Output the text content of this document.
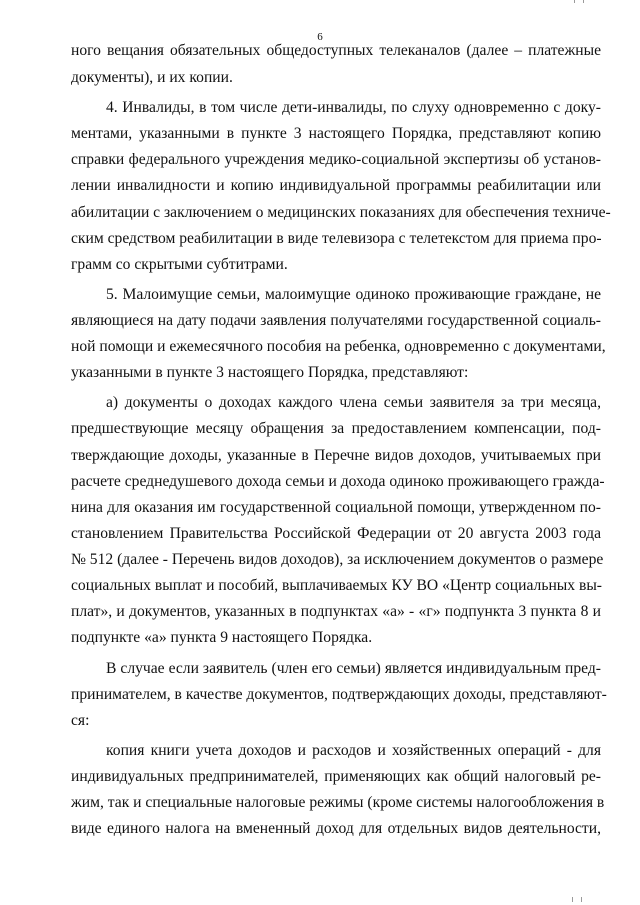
6
ного вещания обязательных общедоступных телеканалов (далее – платежные
документы), и их копии.
4. Инвалиды, в том числе дети-инвалиды, по слуху одновременно с доку-
ментами, указанными в пункте 3 настоящего Порядка, представляют копию
справки федерального учреждения медико-социальной экспертизы об установ-
лении инвалидности и копию индивидуальной программы реабилитации или
абилитации с заключением о медицинских показаниях для обеспечения техниче-
ским средством реабилитации в виде телевизора с телетекстом для приема про-
грамм со скрытыми субтитрами.
5. Малоимущие семьи, малоимущие одиноко проживающие граждане, не
являющиеся на дату подачи заявления получателями государственной социаль-
ной помощи и ежемесячного пособия на ребенка, одновременно с документами,
указанными в пункте 3 настоящего Порядка, представляют:
а) документы о доходах каждого члена семьи заявителя за три месяца,
предшествующие месяцу обращения за предоставлением компенсации, под-
тверждающие доходы, указанные в Перечне видов доходов, учитываемых при
расчете среднедушевого дохода семьи и дохода одиноко проживающего гражда-
нина для оказания им государственной социальной помощи, утвержденном по-
становлением Правительства Российской Федерации от 20 августа 2003 года
№ 512 (далее - Перечень видов доходов), за исключением документов о размере
социальных выплат и пособий, выплачиваемых КУ ВО «Центр социальных вы-
плат», и документов, указанных в подпунктах «а» - «г» подпункта 3 пункта 8 и
подпункте «а» пункта 9 настоящего Порядка.
В случае если заявитель (член его семьи) является индивидуальным пред-
принимателем, в качестве документов, подтверждающих доходы, представляют-
ся:
копия книги учета доходов и расходов и хозяйственных операций - для
индивидуальных предпринимателей, применяющих как общий налоговый ре-
жим, так и специальные налоговые режимы (кроме системы налогообложения в
виде единого налога на вмененный доход для отдельных видов деятельности,
